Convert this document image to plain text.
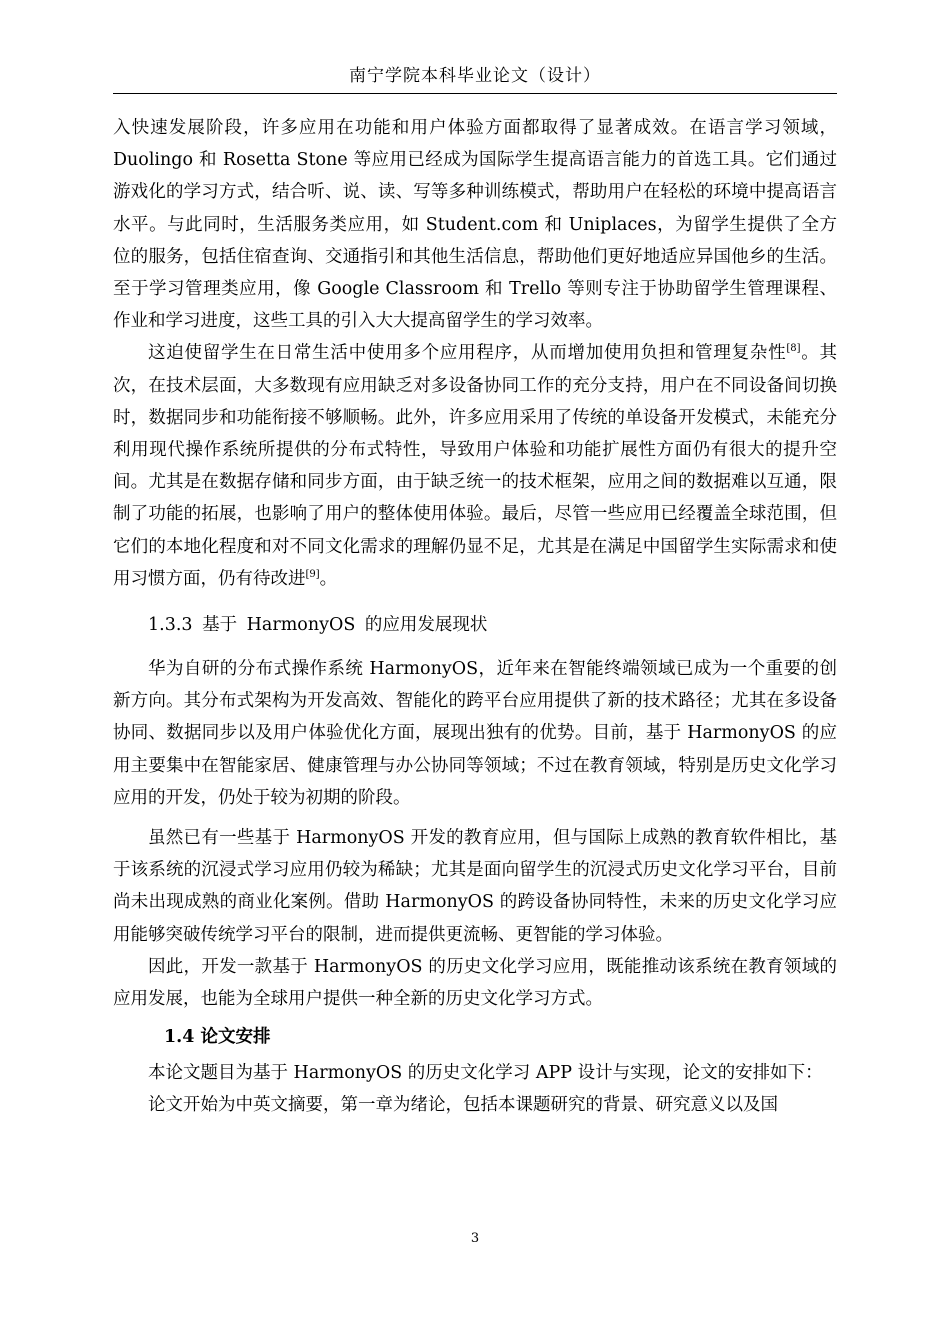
南宁学院本科毕业论文（设计）

入快速发展阶段，许多应用在功能和用户体验方面都取得了显著成效。在语言学习领域，Duolingo 和 Rosetta Stone 等应用已经成为国际学生提高语言能力的首选工具。它们通过游戏化的学习方式，结合听、说、读、写等多种训练模式，帮助用户在轻松的环境中提高语言水平。与此同时，生活服务类应用，如 Student.com 和 Uniplaces，为留学生提供了全方位的服务，包括住宿查询、交通指引和其他生活信息，帮助他们更好地适应异国他乡的生活。至于学习管理类应用，像 Google Classroom 和 Trello 等则专注于协助留学生管理课程、作业和学习进度，这些工具的引入大大提高留学生的学习效率。

这迫使留学生在日常生活中使用多个应用程序，从而增加使用负担和管理复杂性[8]。其次，在技术层面，大多数现有应用缺乏对多设备协同工作的充分支持，用户在不同设备间切换时，数据同步和功能衔接不够顺畅。此外，许多应用采用了传统的单设备开发模式，未能充分利用现代操作系统所提供的分布式特性，导致用户体验和功能扩展性方面仍有很大的提升空间。尤其是在数据存储和同步方面，由于缺乏统一的技术框架，应用之间的数据难以互通，限制了功能的拓展，也影响了用户的整体使用体验。最后，尽管一些应用已经覆盖全球范围，但它们的本地化程度和对不同文化需求的理解仍显不足，尤其是在满足中国留学生实际需求和使用习惯方面，仍有待改进[9]。

1.3.3 基于 HarmonyOS 的应用发展现状

华为自研的分布式操作系统 HarmonyOS，近年来在智能终端领域已成为一个重要的创新方向。其分布式架构为开发高效、智能化的跨平台应用提供了新的技术路径；尤其在多设备协同、数据同步以及用户体验优化方面，展现出独有的优势。目前，基于 HarmonyOS 的应用主要集中在智能家居、健康管理与办公协同等领域；不过在教育领域，特别是历史文化学习应用的开发，仍处于较为初期的阶段。

虽然已有一些基于 HarmonyOS 开发的教育应用，但与国际上成熟的教育软件相比，基于该系统的沉浸式学习应用仍较为稀缺；尤其是面向留学生的沉浸式历史文化学习平台，目前尚未出现成熟的商业化案例。借助 HarmonyOS 的跨设备协同特性，未来的历史文化学习应用能够突破传统学习平台的限制，进而提供更流畅、更智能的学习体验。

因此，开发一款基于 HarmonyOS 的历史文化学习应用，既能推动该系统在教育领域的应用发展，也能为全球用户提供一种全新的历史文化学习方式。

1.4 论文安排

本论文题目为基于 HarmonyOS 的历史文化学习 APP 设计与实现，论文的安排如下：

论文开始为中英文摘要，第一章为绪论，包括本课题研究的背景、研究意义以及国

3
